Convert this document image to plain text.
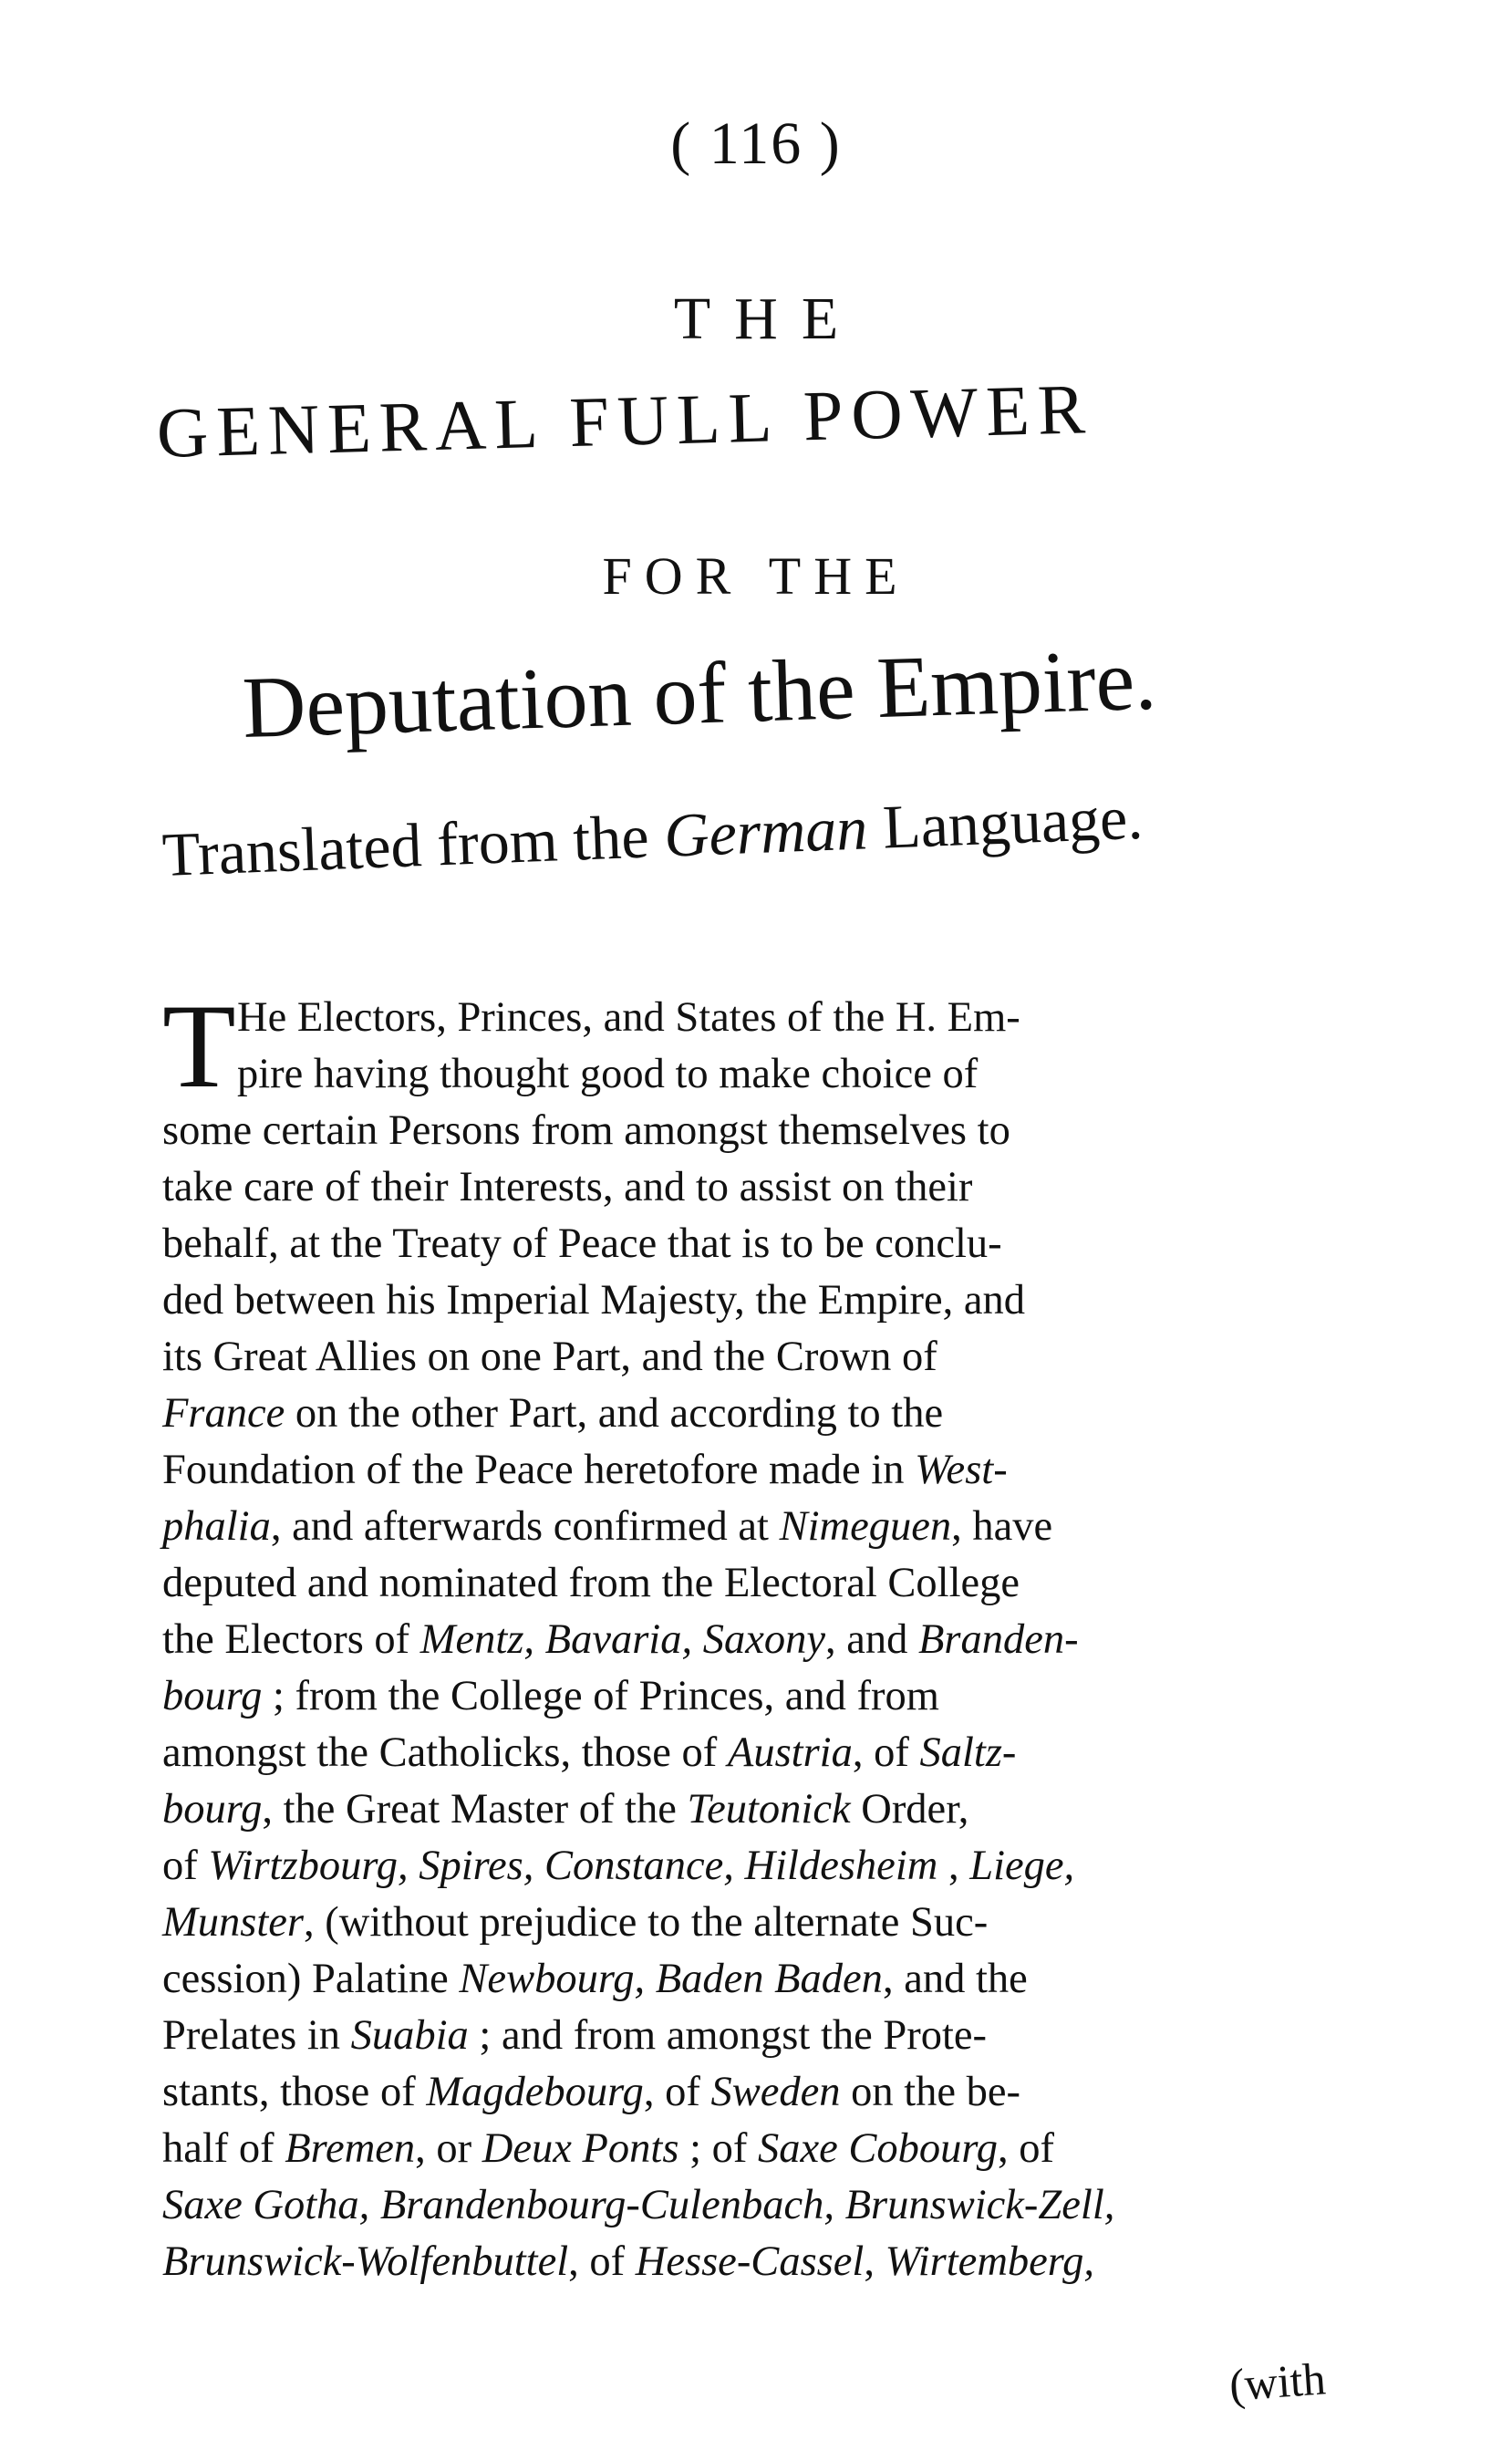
( 116 )
THE
GENERAL FULL POWER
FOR THE
Deputation of the Empire.
Translated from the German Language.
T He Electors, Princes, and States of the H. Em-
pire having thought good to make choice of
some certain Persons from amongst themselves to
take care of their Interests, and to assist on their
behalf, at the Treaty of Peace that is to be conclu-
ded between his Imperial Majesty, the Empire, and
its Great Allies on one Part, and the Crown of
France on the other Part, and according to the
Foundation of the Peace heretofore made in West-
phalia, and afterwards confirmed at Nimeguen, have
deputed and nominated from the Electoral College
the Electors of Mentz, Bavaria, Saxony, and Branden-
bourg ; from the College of Princes, and from
amongst the Catholicks, those of Austria, of Saltz-
bourg, the Great Master of the Teutonick Order,
of Wirtzbourg, Spires, Constance, Hildesheim , Liege,
Munster, (without prejudice to the alternate Suc-
cession) Palatine Newbourg, Baden Baden, and the
Prelates in Suabia ; and from amongst the Prote-
stants, those of Magdebourg, of Sweden on the be-
half of Bremen, or Deux Ponts ; of Saxe Cobourg, of
Saxe Gotha, Brandenbourg-Culenbach, Brunswick-Zell,
Brunswick-Wolfenbuttel, of Hesse-Cassel, Wirtemberg,
(with
